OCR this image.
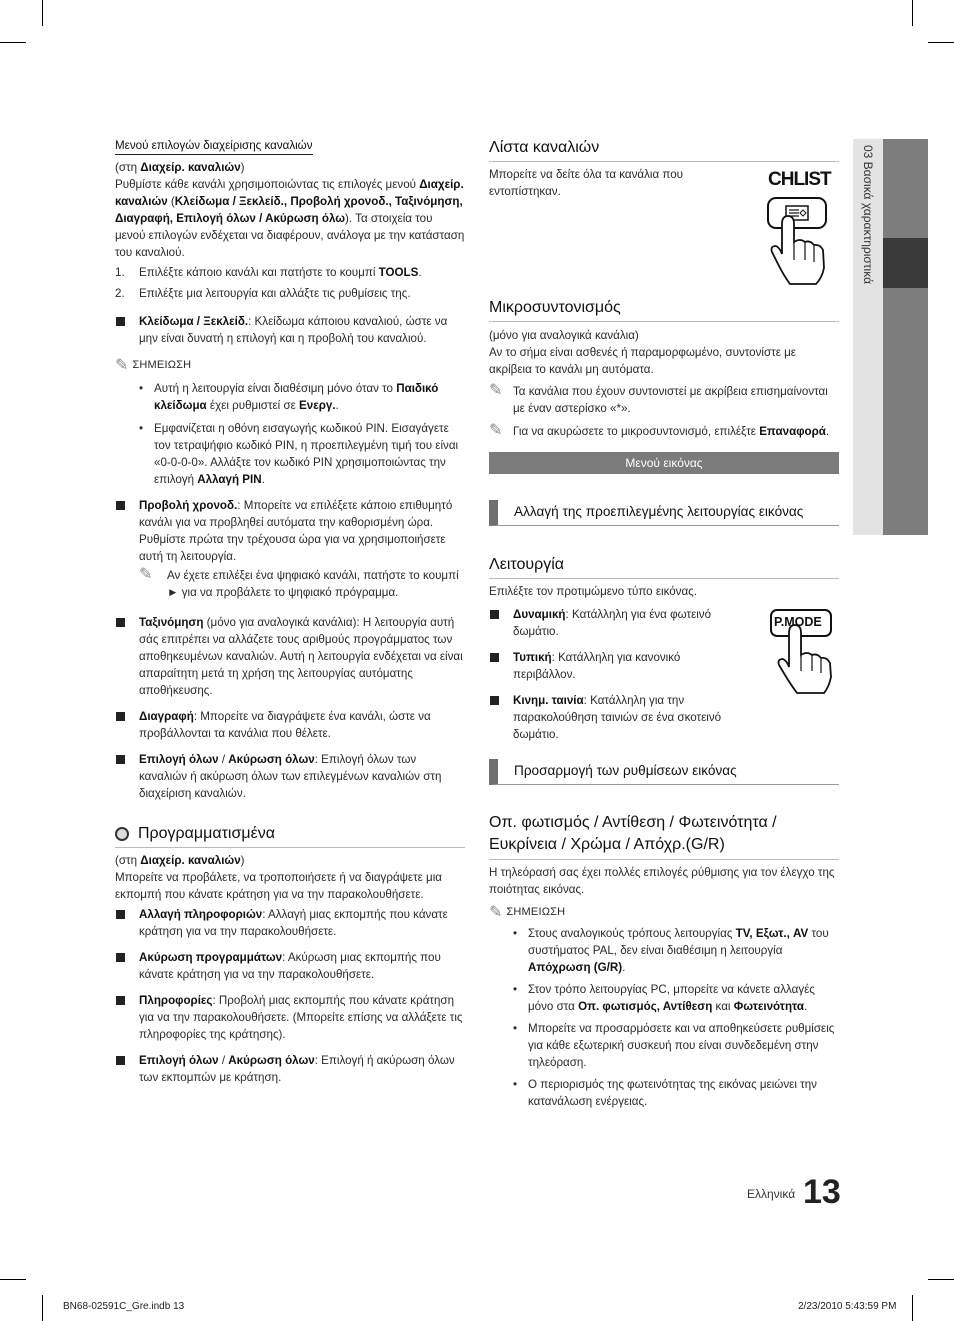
03 Βασικά χαρακτηριστικά
Μενού επιλογών διαχείρισης καναλιών

(στη Διαχείρ. καναλιών)

Ρυθμίστε κάθε κανάλι χρησιμοποιώντας τις επιλογές μενού Διαχείρ. καναλιών (Κλείδωμα / Ξεκλείδ., Προβολή χρονοδ., Ταξινόμηση, Διαγραφή, Επιλογή όλων / Ακύρωση όλω). Τα στοιχεία του μενού επιλογών ενδέχεται να διαφέρουν, ανάλογα με την κατάσταση του καναλιού.

1.	Επιλέξτε κάποιο κανάλι και πατήστε το κουμπί TOOLS.
2.	Επιλέξτε μια λειτουργία και αλλάξτε τις ρυθμίσεις της.
Κλείδωμα / Ξεκλείδ.: Κλείδωμα κάποιου καναλιού, ώστε να μην είναι δυνατή η επιλογή και η προβολή του καναλιού.
✎ ΣΗΜΕΙΩΣΗ
• Αυτή η λειτουργία είναι διαθέσιμη μόνο όταν το Παιδικό κλείδωμα έχει ρυθμιστεί σε Ενεργ..
• Εμφανίζεται η οθόνη εισαγωγής κωδικού PIN. Εισαγάγετε τον τετραψήφιο κωδικό PIN, η προεπιλεγμένη τιμή του είναι «0-0-0-0». Αλλάξτε τον κωδικό PIN χρησιμοποιώντας την επιλογή Αλλαγή PIN.
Προβολή χρονοδ.: Μπορείτε να επιλέξετε κάποιο επιθυμητό κανάλι για να προβληθεί αυτόματα την καθορισμένη ώρα. Ρυθμίστε πρώτα την τρέχουσα ώρα για να χρησιμοποιήσετε αυτή τη λειτουργία.
✎	Αν έχετε επιλέξει ένα ψηφιακό κανάλι, πατήστε το κουμπί ► για να προβάλετε το ψηφιακό πρόγραμμα.
Ταξινόμηση (μόνο για αναλογικά κανάλια): Η λειτουργία αυτή σάς επιτρέπει να αλλάζετε τους αριθμούς προγράμματος των αποθηκευμένων καναλιών. Αυτή η λειτουργία ενδέχεται να είναι απαραίτητη μετά τη χρήση της λειτουργίας αυτόματης αποθήκευσης.
Διαγραφή: Μπορείτε να διαγράψετε ένα κανάλι, ώστε να προβάλλονται τα κανάλια που θέλετε.
Επιλογή όλων / Ακύρωση όλων: Επιλογή όλων των καναλιών ή ακύρωση όλων των επιλεγμένων καναλιών στη διαχείριση καναλιών.
Προγραμματισμένα

(στη Διαχείρ. καναλιών)

Μπορείτε να προβάλετε, να τροποποιήσετε ή να διαγράψετε μια εκπομπή που κάνατε κράτηση για να την παρακολουθήσετε.

Αλλαγή πληροφοριών: Αλλαγή μιας εκπομπής που κάνατε κράτηση για να την παρακολουθήσετε.
Ακύρωση προγραμμάτων: Ακύρωση μιας εκπομπής που κάνατε κράτηση για να την παρακολουθήσετε.
Πληροφορίες: Προβολή μιας εκπομπής που κάνατε κράτηση για να την παρακολουθήσετε. (Μπορείτε επίσης να αλλάξετε τις πληροφορίες της κράτησης).
Επιλογή όλων / Ακύρωση όλων: Επιλογή ή ακύρωση όλων των εκπομπών με κράτηση.
Λίστα καναλιών

Μπορείτε να δείτε όλα τα κανάλια που εντοπίστηκαν.

Μικροσυντονισμός

(μόνο για αναλογικά κανάλια)

Αν το σήμα είναι ασθενές ή παραμορφωμένο, συντονίστε με ακρίβεια το κανάλι μη αυτόματα.

✎ Τα κανάλια που έχουν συντονιστεί με ακρίβεια επισημαίνονται με έναν αστερίσκο «*».
✎ Για να ακυρώσετε το μικροσυντονισμό, επιλέξτε Επαναφορά.
Μενού εικόνας
Αλλαγή της προεπιλεγμένης λειτουργίας εικόνας
Λειτουργία

Επιλέξτε τον προτιμώμενο τύπο εικόνας.

Δυναμική: Κατάλληλη για ένα φωτεινό δωμάτιο.
Τυπική: Κατάλληλη για κανονικό περιβάλλον.
Κινημ. ταινία: Κατάλληλη για την παρακολούθηση ταινιών σε ένα σκοτεινό δωμάτιο.
Προσαρμογή των ρυθμίσεων εικόνας
Οπ. φωτισμός / Αντίθεση / Φωτεινότητα / Ευκρίνεια / Χρώμα / Απόχρ.(G/R)

Η τηλεόρασή σας έχει πολλές επιλογές ρύθμισης για τον έλεγχο της ποιότητας εικόνας.

✎ ΣΗΜΕΙΩΣΗ
• Στους αναλογικούς τρόπους λειτουργίας TV, Εξωτ., AV του συστήματος PAL, δεν είναι διαθέσιμη η λειτουργία Απόχρωση (G/R).
• Στον τρόπο λειτουργίας PC, μπορείτε να κάνετε αλλαγές μόνο στα Οπ. φωτισμός, Αντίθεση και Φωτεινότητα.
• Μπορείτε να προσαρμόσετε και να αποθηκεύσετε ρυθμίσεις για κάθε εξωτερική συσκευή που είναι συνδεδεμένη στην τηλεόραση.
• Ο περιορισμός της φωτεινότητας της εικόνας μειώνει την κατανάλωση ενέργειας.
CHLIST
P.MODE
Ελληνικά 13
BN68-02591C_Gre.indb 13	2/23/2010 5:43:59 PM
